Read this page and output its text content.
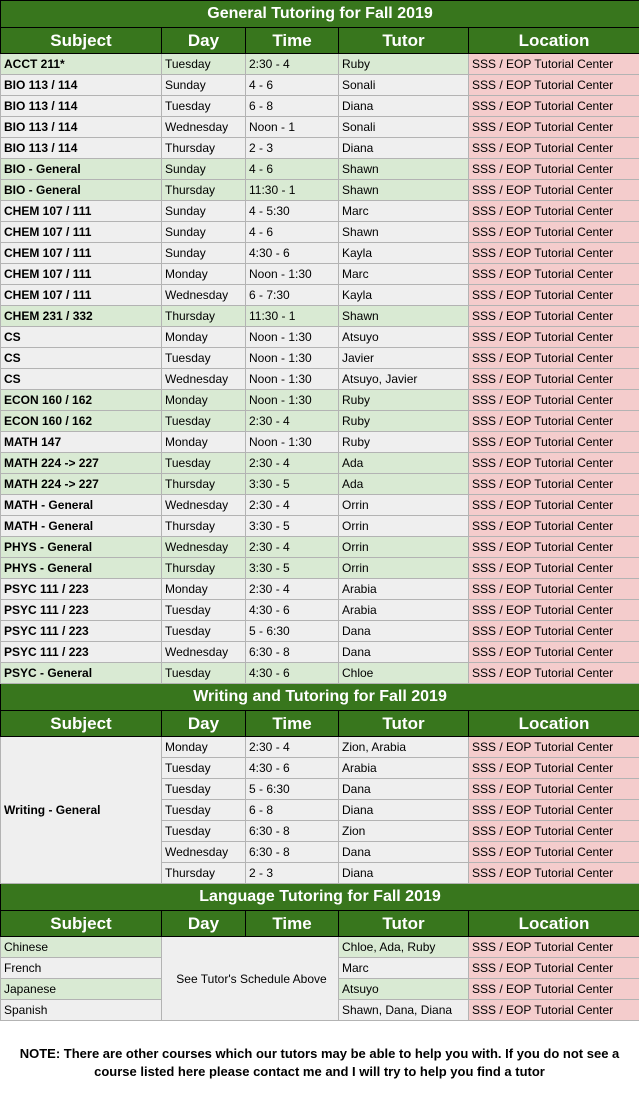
General Tutoring for Fall 2019				
Subject	Day	Time	Tutor	Location
ACCT 211*	Tuesday	2:30 - 4	Ruby	SSS / EOP Tutorial Center
BIO 113 / 114	Sunday	4 - 6	Sonali	SSS / EOP Tutorial Center
BIO 113 / 114	Tuesday	6 - 8	Diana	SSS / EOP Tutorial Center
BIO 113 / 114	Wednesday	Noon - 1	Sonali	SSS / EOP Tutorial Center
BIO 113 / 114	Thursday	2 - 3	Diana	SSS / EOP Tutorial Center
BIO - General	Sunday	4 - 6	Shawn	SSS / EOP Tutorial Center
BIO - General	Thursday	11:30 - 1	Shawn	SSS / EOP Tutorial Center
CHEM 107 / 111	Sunday	4 - 5:30	Marc	SSS / EOP Tutorial Center
CHEM 107 / 111	Sunday	4 - 6	Shawn	SSS / EOP Tutorial Center
CHEM 107 / 111	Sunday	4:30 - 6	Kayla	SSS / EOP Tutorial Center
CHEM 107 / 111	Monday	Noon - 1:30	Marc	SSS / EOP Tutorial Center
CHEM 107 / 111	Wednesday	6 - 7:30	Kayla	SSS / EOP Tutorial Center
CHEM 231 / 332	Thursday	11:30 - 1	Shawn	SSS / EOP Tutorial Center
CS	Monday	Noon - 1:30	Atsuyo	SSS / EOP Tutorial Center
CS	Tuesday	Noon - 1:30	Javier	SSS / EOP Tutorial Center
CS	Wednesday	Noon - 1:30	Atsuyo, Javier	SSS / EOP Tutorial Center
ECON 160 / 162	Monday	Noon - 1:30	Ruby	SSS / EOP Tutorial Center
ECON 160 / 162	Tuesday	2:30 - 4	Ruby	SSS / EOP Tutorial Center
MATH 147	Monday	Noon - 1:30	Ruby	SSS / EOP Tutorial Center
MATH 224 -> 227	Tuesday	2:30 - 4	Ada	SSS / EOP Tutorial Center
MATH 224 -> 227	Thursday	3:30 - 5	Ada	SSS / EOP Tutorial Center
MATH - General	Wednesday	2:30 - 4	Orrin	SSS / EOP Tutorial Center
MATH - General	Thursday	3:30 - 5	Orrin	SSS / EOP Tutorial Center
PHYS - General	Wednesday	2:30 - 4	Orrin	SSS / EOP Tutorial Center
PHYS - General	Thursday	3:30 - 5	Orrin	SSS / EOP Tutorial Center
PSYC 111 / 223	Monday	2:30 - 4	Arabia	SSS / EOP Tutorial Center
PSYC 111 / 223	Tuesday	4:30 - 6	Arabia	SSS / EOP Tutorial Center
PSYC 111 / 223	Tuesday	5 - 6:30	Dana	SSS / EOP Tutorial Center
PSYC 111 / 223	Wednesday	6:30 - 8	Dana	SSS / EOP Tutorial Center
PSYC - General	Tuesday	4:30 - 6	Chloe	SSS / EOP Tutorial Center
Writing and Tutoring for Fall 2019				
Subject	Day	Time	Tutor	Location
Writing - General	Monday	2:30 - 4	Zion, Arabia	SSS / EOP Tutorial Center
	Tuesday	4:30 - 6	Arabia	SSS / EOP Tutorial Center
	Tuesday	5 - 6:30	Dana	SSS / EOP Tutorial Center
	Tuesday	6 - 8	Diana	SSS / EOP Tutorial Center
	Tuesday	6:30 - 8	Zion	SSS / EOP Tutorial Center
	Wednesday	6:30 - 8	Dana	SSS / EOP Tutorial Center
	Thursday	2 - 3	Diana	SSS / EOP Tutorial Center
Language Tutoring for Fall 2019				
Subject	Day	Time	Tutor	Location
Chinese	See Tutor's Schedule Above		Chloe, Ada, Ruby	SSS / EOP Tutorial Center
French			Marc	SSS / EOP Tutorial Center
Japanese			Atsuyo	SSS / EOP Tutorial Center
Spanish			Shawn, Dana, Diana	SSS / EOP Tutorial Center
NOTE: There are other courses which our tutors may be able to help you with. If you do not see a course listed here please contact me and I will try to help you find a tutor
